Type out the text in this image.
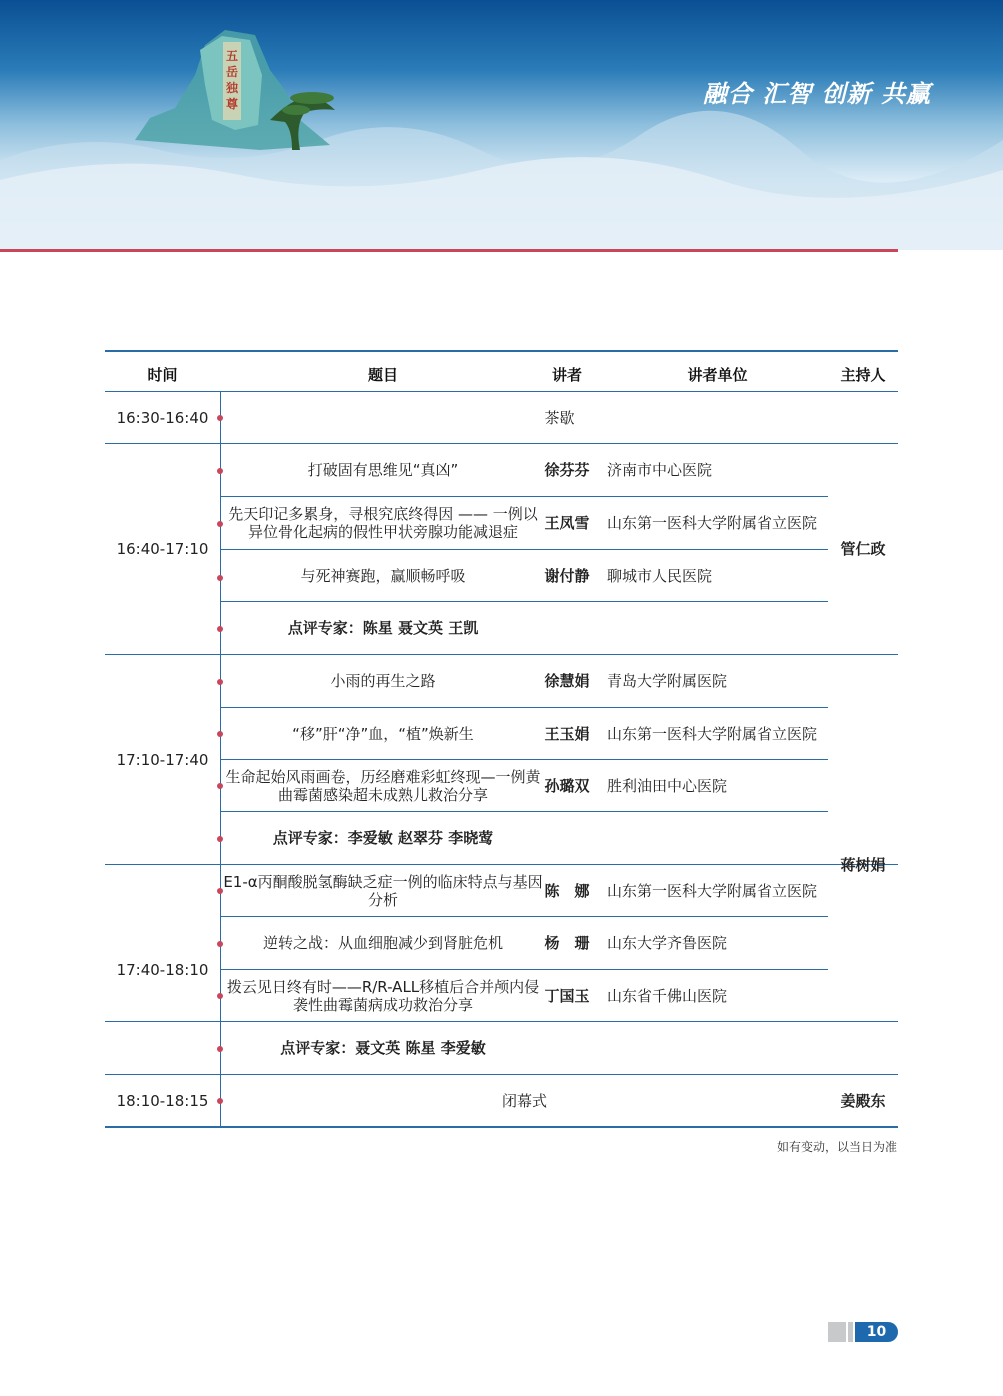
五
岳
独
尊	融合 汇智 创新 共赢
时间	题目	讲者	讲者单位	主持人
16:30-16:40	茶歇
16:40-17:10
打破固有思维见“真凶”	徐芬芬	济南市中心医院
先天印记多累身，寻根究底终得因 —— 一例以异位骨化起病的假性甲状旁腺功能减退症	王凤雪	山东第一医科大学附属省立医院
与死神赛跑，赢顺畅呼吸	谢付静	聊城市人民医院
点评专家：陈星 聂文英 王凯
管仁政
17:10-17:40
小雨的再生之路	徐慧娟	青岛大学附属医院
“移”肝“净”血，“植”焕新生	王玉娟	山东第一医科大学附属省立医院
生命起始风雨画卷，历经磨难彩虹终现—一例黄曲霉菌感染超未成熟儿救治分享	孙璐双	胜利油田中心医院
点评专家：李爱敏 赵翠芬 李晓莺
蒋树娟
17:40-18:10
E1-α丙酮酸脱氢酶缺乏症一例的临床特点与基因分析	陈　娜	山东第一医科大学附属省立医院
逆转之战：从血细胞减少到肾脏危机	杨　珊	山东大学齐鲁医院
拨云见日终有时——R/R-ALL移植后合并颅内侵袭性曲霉菌病成功救治分享	丁国玉	山东省千佛山医院
点评专家：聂文英 陈星 李爱敏
18:10-18:15	闭幕式	姜殿东
如有变动，以当日为准
10
